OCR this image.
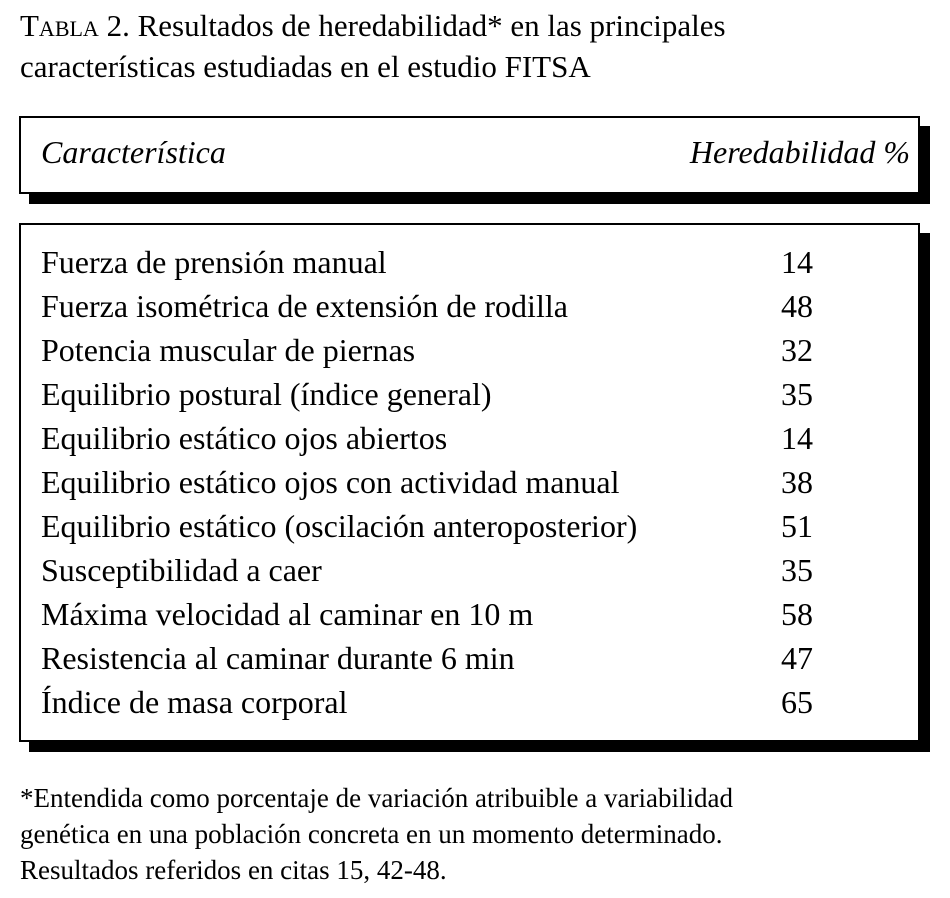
Tabla 2. Resultados de heredabilidad* en las principales
características estudiadas en el estudio FITSA
Característica	Heredabilidad %
Fuerza de prensión manual	14
Fuerza isométrica de extensión de rodilla	48
Potencia muscular de piernas	32
Equilibrio postural (índice general)	35
Equilibrio estático ojos abiertos	14
Equilibrio estático ojos con actividad manual	38
Equilibrio estático (oscilación anteroposterior)	51
Susceptibilidad a caer	35
Máxima velocidad al caminar en 10 m	58
Resistencia al caminar durante 6 min	47
Índice de masa corporal	65

*Entendida como porcentaje de variación atribuible a variabilidad
genética en una población concreta en un momento determinado.
Resultados referidos en citas 15, 42-48.
